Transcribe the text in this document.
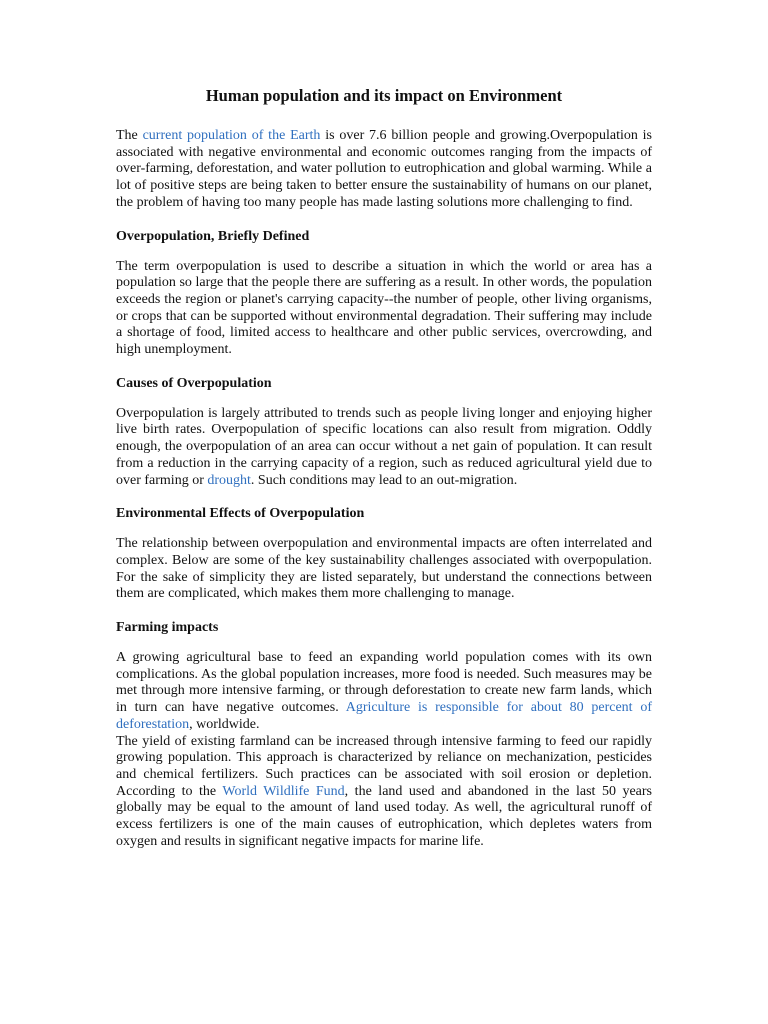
Human population and its impact on Environment

The current population of the Earth is over 7.6 billion people and growing.Overpopulation is associated with negative environmental and economic outcomes ranging from the impacts of over-farming, deforestation, and water pollution to eutrophication and global warming. While a lot of positive steps are being taken to better ensure the sustainability of humans on our planet, the problem of having too many people has made lasting solutions more challenging to find.

Overpopulation, Briefly Defined

The term overpopulation is used to describe a situation in which the world or area has a population so large that the people there are suffering as a result. In other words, the population exceeds the region or planet's carrying capacity--the number of people, other living organisms, or crops that can be supported without environmental degradation. Their suffering may include a shortage of food, limited access to healthcare and other public services, overcrowding, and high unemployment.

Causes of Overpopulation

Overpopulation is largely attributed to trends such as people living longer and enjoying higher live birth rates. Overpopulation of specific locations can also result from migration. Oddly enough, the overpopulation of an area can occur without a net gain of population. It can result from a reduction in the carrying capacity of a region, such as reduced agricultural yield due to over farming or drought. Such conditions may lead to an out-migration.

Environmental Effects of Overpopulation

The relationship between overpopulation and environmental impacts are often interrelated and complex. Below are some of the key sustainability challenges associated with overpopulation. For the sake of simplicity they are listed separately, but understand the connections between them are complicated, which makes them more challenging to manage.

Farming impacts

A growing agricultural base to feed an expanding world population comes with its own complications. As the global population increases, more food is needed. Such measures may be met through more intensive farming, or through deforestation to create new farm lands, which in turn can have negative outcomes. Agriculture is responsible for about 80 percent of deforestation, worldwide.

The yield of existing farmland can be increased through intensive farming to feed our rapidly growing population. This approach is characterized by reliance on mechanization, pesticides and chemical fertilizers. Such practices can be associated with soil erosion or depletion. According to the World Wildlife Fund, the land used and abandoned in the last 50 years globally may be equal to the amount of land used today. As well, the agricultural runoff of excess fertilizers is one of the main causes of eutrophication, which depletes waters from oxygen and results in significant negative impacts for marine life.
